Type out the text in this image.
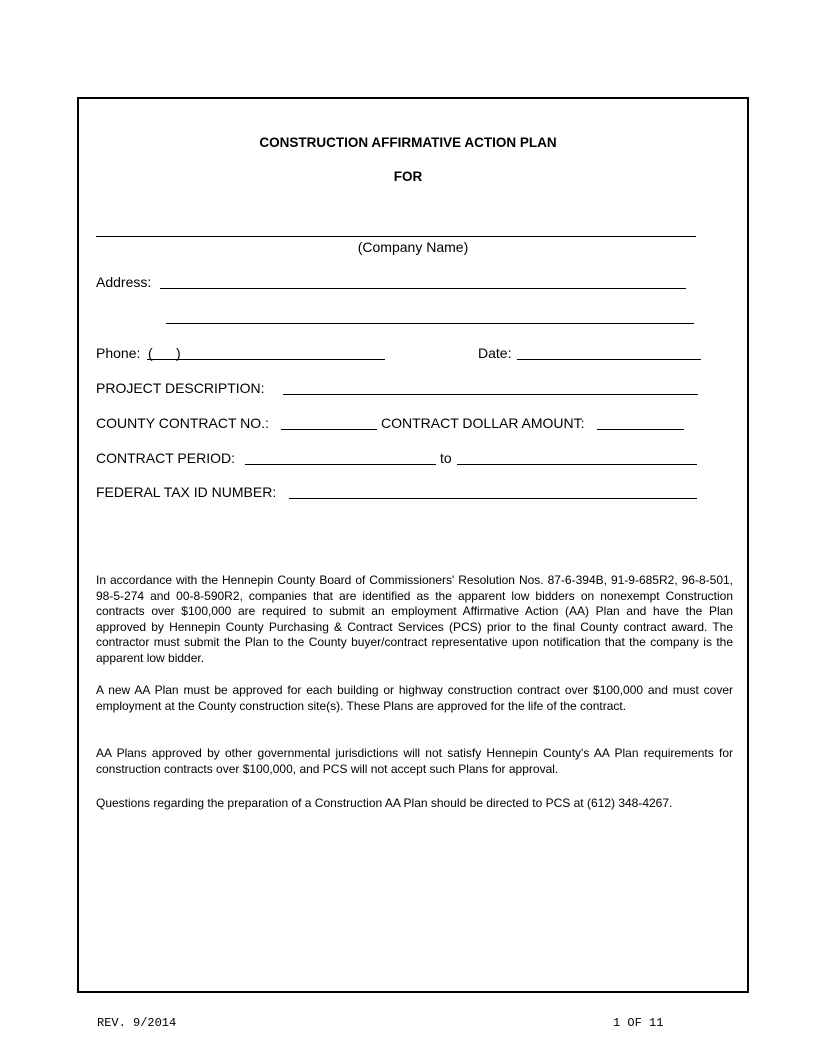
CONSTRUCTION AFFIRMATIVE ACTION PLAN
FOR
(Company Name)
Address:
Phone: (      )	Date:
PROJECT DESCRIPTION:
COUNTY CONTRACT NO.:	CONTRACT DOLLAR AMOUNT:
CONTRACT PERIOD:	to
FEDERAL TAX ID NUMBER:
In accordance with the Hennepin County Board of Commissioners' Resolution Nos. 87-6-394B, 91-9-685R2, 96-8-501, 98-5-274 and 00-8-590R2, companies that are identified as the apparent low bidders on nonexempt Construction contracts over $100,000 are required to submit an employment Affirmative Action (AA) Plan and have the Plan approved by Hennepin County Purchasing & Contract Services (PCS) prior to the final County contract award. The contractor must submit the Plan to the County buyer/contract representative upon notification that the company is the apparent low bidder.
A new AA Plan must be approved for each building or highway construction contract over $100,000 and must cover employment at the County construction site(s). These Plans are approved for the life of the contract.
AA Plans approved by other governmental jurisdictions will not satisfy Hennepin County's AA Plan requirements for construction contracts over $100,000, and PCS will not accept such Plans for approval.
Questions regarding the preparation of a Construction AA Plan should be directed to PCS at (612) 348-4267.
REV. 9/2014	1 OF 11
